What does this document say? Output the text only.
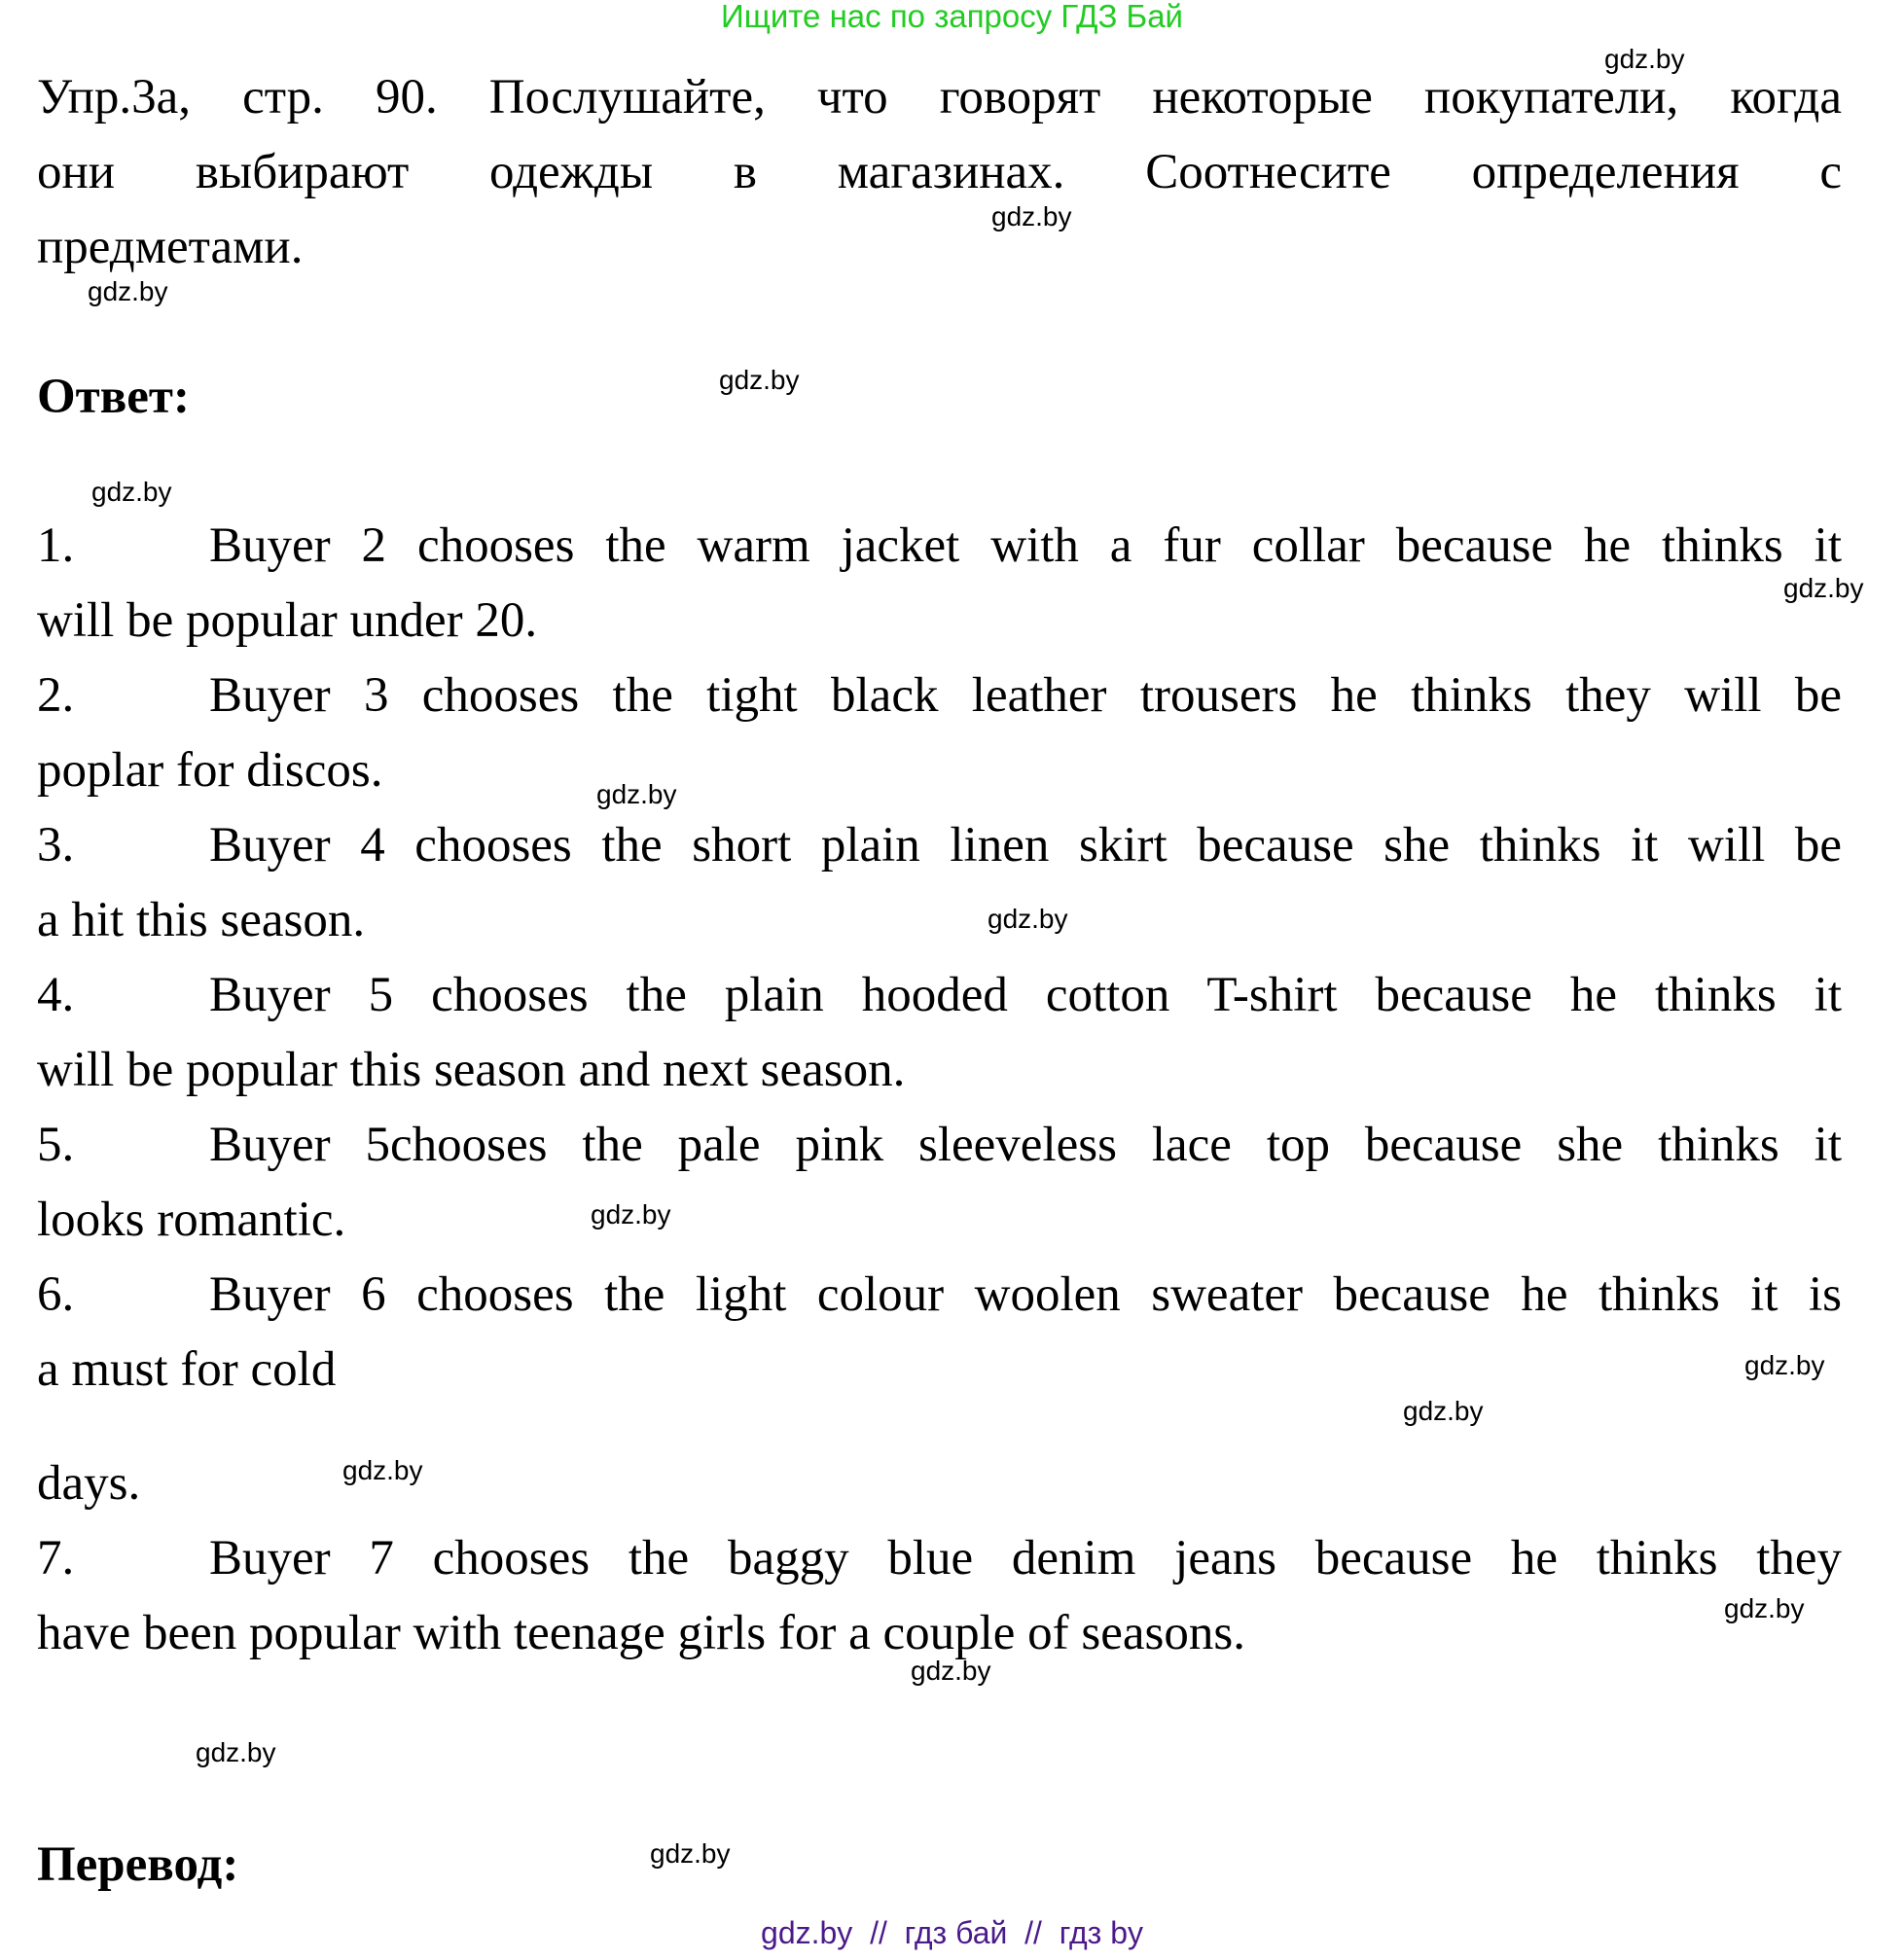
Ищите нас по запросу ГДЗ Бай
Упр.3а, стр. 90. Послушайте, что говорят некоторые покупатели, когда
они выбирают одежды в магазинах. Соотнесите определения с
предметами.
Ответ:
1.	Buyer 2 chooses the warm jacket with a fur collar because he thinks it
will be popular under 20.
2.	Buyer 3 chooses the tight black leather trousers he thinks they will be
poplar for discos.
3.	Buyer 4 chooses the short plain linen skirt because she thinks it will be
a hit this season.
4.	Buyer 5 chooses the plain hooded cotton T-shirt because he thinks it
will be popular this season and next season.
5.	Buyer 5chooses the pale pink sleeveless lace top because she thinks it
looks romantic.
6.	Buyer 6 chooses the light colour woolen sweater because he thinks it is
a must for cold
days.
7.	Buyer 7 chooses the baggy blue denim jeans because he thinks they
have been popular with teenage girls for a couple of seasons.
Перевод:
gdz.by
gdz.by
gdz.by
gdz.by
gdz.by
gdz.by
gdz.by
gdz.by
gdz.by
gdz.by
gdz.by
gdz.by
gdz.by
gdz.by
gdz.by
gdz.by
gdz.by  //  гдз бай  //  гдз by
